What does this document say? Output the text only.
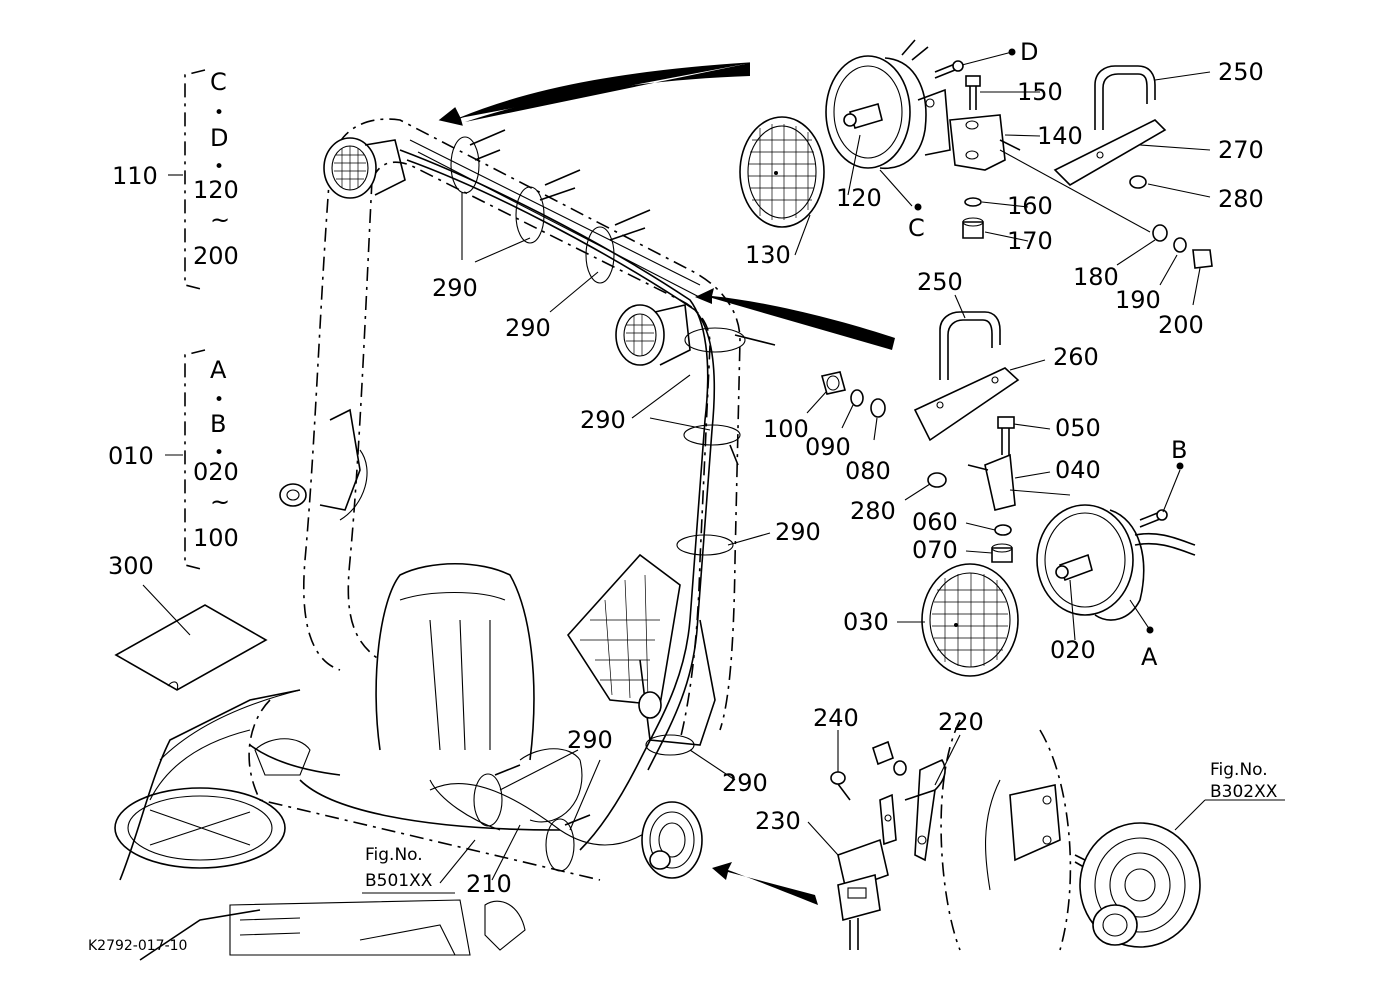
C
•
D
•
120
~
200
110
A
•
B
•
020
~
100
010
300
290
290
290
290
290
290
130
120
C
D
150
140
160
170
250
270
280
180
190
200
250
260
100
090
080
050
040
280 060
070
B
030
020 A
240	220
230
210
Fig.No.
B501XX
Fig.No.
B302XX
K2792-017-10
